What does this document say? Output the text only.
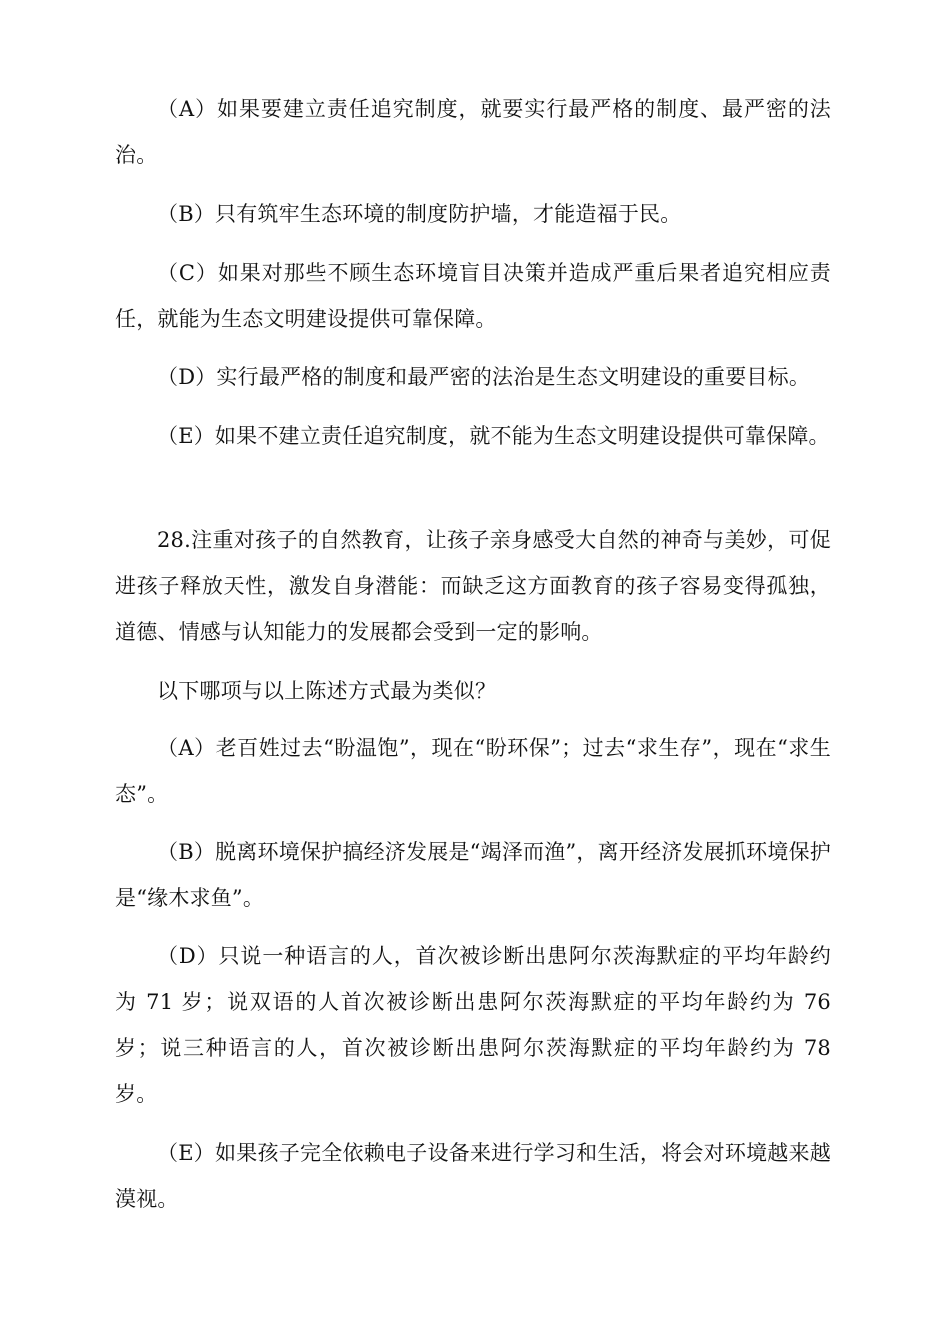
（A）如果要建立责任追究制度，就要实行最严格的制度、最严密的法治。

（B）只有筑牢生态环境的制度防护墙，才能造福于民。

（C）如果对那些不顾生态环境盲目决策并造成严重后果者追究相应责任，就能为生态文明建设提供可靠保障。

（D）实行最严格的制度和最严密的法治是生态文明建设的重要目标。

（E）如果不建立责任追究制度，就不能为生态文明建设提供可靠保障。

28.注重对孩子的自然教育，让孩子亲身感受大自然的神奇与美妙，可促进孩子释放天性，激发自身潜能：而缺乏这方面教育的孩子容易变得孤独，道德、情感与认知能力的发展都会受到一定的影响。

以下哪项与以上陈述方式最为类似？

（A）老百姓过去“盼温饱”，现在“盼环保”；过去“求生存”，现在“求生态”。

（B）脱离环境保护搞经济发展是“竭泽而渔”，离开经济发展抓环境保护是“缘木求鱼”。

（D）只说一种语言的人，首次被诊断出患阿尔茨海默症的平均年龄约为 71 岁；说双语的人首次被诊断出患阿尔茨海默症的平均年龄约为 76 岁；说三种语言的人，首次被诊断出患阿尔茨海默症的平均年龄约为 78 岁。

（E）如果孩子完全依赖电子设备来进行学习和生活，将会对环境越来越漠视。
